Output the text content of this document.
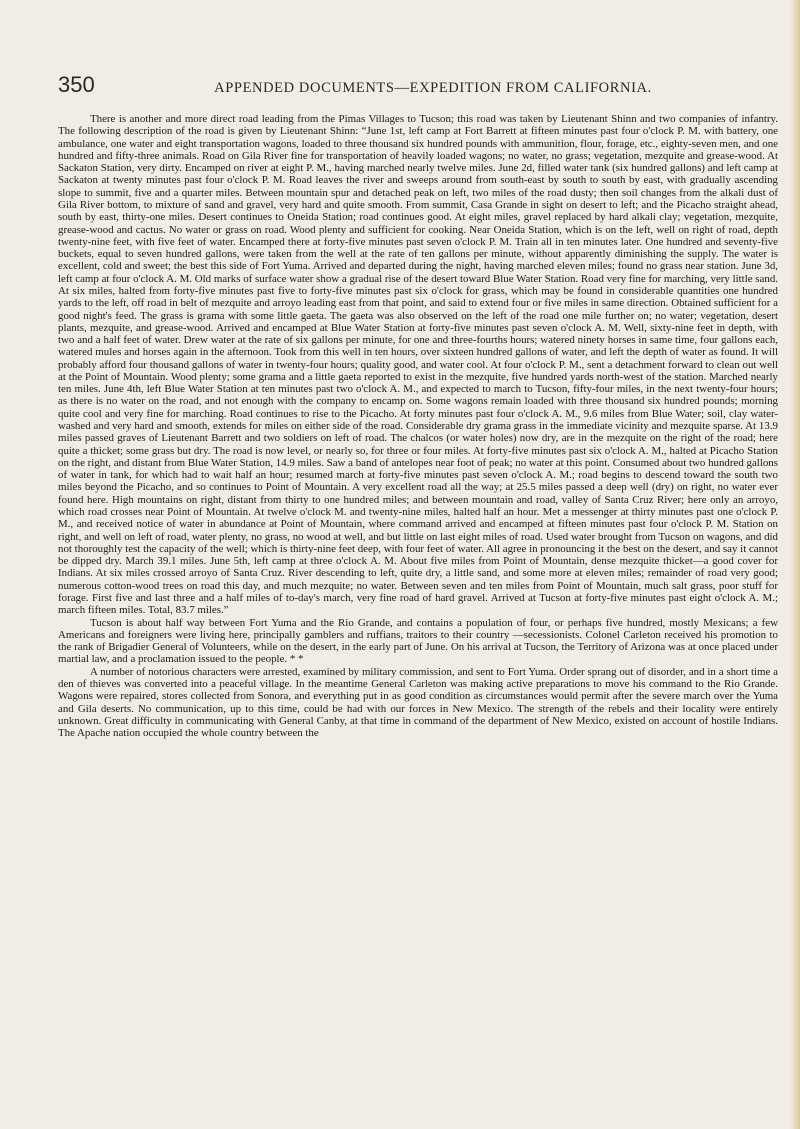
350	APPENDED DOCUMENTS—EXPEDITION FROM CALIFORNIA.

There is another and more direct road leading from the Pimas Villages to Tucson; this road was taken by Lieutenant Shinn and two companies of infantry. The following description of the road is given by Lieutenant Shinn: “June 1st, left camp at Fort Barrett at fifteen minutes past four o'clock P. M. with battery, one ambulance, one water and eight transportation wagons, loaded to three thousand six hundred pounds with ammunition, flour, forage, etc., eighty-seven men, and one hundred and fifty-three animals. Road on Gila River fine for transportation of heavily loaded wagons; no water, no grass; vegetation, mezquite and grease-wood. At Sackaton Station, very dirty. Encamped on river at eight P. M., having marched nearly twelve miles. June 2d, filled water tank (six hundred gallons) and left camp at Sackaton at twenty minutes past four o'clock P. M. Road leaves the river and sweeps around from south-east by south to south by east, with gradually ascending slope to summit, five and a quarter miles. Between mountain spur and detached peak on left, two miles of the road dusty; then soil changes from the alkali dust of Gila River bottom, to mixture of sand and gravel, very hard and quite smooth. From summit, Casa Grande in sight on desert to left; and the Picacho straight ahead, south by east, thirty-one miles. Desert continues to Oneida Station; road continues good. At eight miles, gravel replaced by hard alkali clay; vegetation, mezquite, grease-wood and cactus. No water or grass on road. Wood plenty and sufficient for cooking. Near Oneida Station, which is on the left, well on right of road, depth twenty-nine feet, with five feet of water. Encamped there at forty-five minutes past seven o'clock P. M. Train all in ten minutes later. One hundred and seventy-five buckets, equal to seven hundred gallons, were taken from the well at the rate of ten gallons per minute, without apparently diminishing the supply. The water is excellent, cold and sweet; the best this side of Fort Yuma. Arrived and departed during the night, having marched eleven miles; found no grass near station. June 3d, left camp at four o'clock A. M. Old marks of surface water show a gradual rise of the desert toward Blue Water Station. Road very fine for marching, very little sand. At six miles, halted from forty-five minutes past five to forty-five minutes past six o'clock for grass, which may be found in considerable quantities one hundred yards to the left, off road in belt of mezquite and arroyo leading east from that point, and said to extend four or five miles in same direction. Obtained sufficient for a good night's feed. The grass is grama with some little gaeta. The gaeta was also observed on the left of the road one mile further on; no water; vegetation, desert plants, mezquite, and grease-wood. Arrived and encamped at Blue Water Station at forty-five minutes past seven o'clock A. M. Well, sixty-nine feet in depth, with two and a half feet of water. Drew water at the rate of six gallons per minute, for one and three-fourths hours; watered ninety horses in same time, four gallons each, watered mules and horses again in the afternoon. Took from this well in ten hours, over sixteen hundred gallons of water, and left the depth of water as found. It will probably afford four thousand gallons of water in twenty-four hours; quality good, and water cool. At four o'clock P. M., sent a detachment forward to clean out well at the Point of Mountain. Wood plenty; some grama and a little gaeta reported to exist in the mezquite, five hundred yards north-west of the station. Marched nearly ten miles. June 4th, left Blue Water Station at ten minutes past two o'clock A. M., and expected to march to Tucson, fifty-four miles, in the next twenty-four hours; as there is no water on the road, and not enough with the company to encamp on. Some wagons remain loaded with three thousand six hundred pounds; morning quite cool and very fine for marching. Road continues to rise to the Picacho. At forty minutes past four o'clock A. M., 9.6 miles from Blue Water; soil, clay water-washed and very hard and smooth, extends for miles on either side of the road. Considerable dry grama grass in the immediate vicinity and mezquite sparse. At 13.9 miles passed graves of Lieutenant Barrett and two soldiers on left of road. The chalcos (or water holes) now dry, are in the mezquite on the right of the road; here quite a thicket; some grass but dry. The road is now level, or nearly so, for three or four miles. At forty-five minutes past six o'clock A. M., halted at Picacho Station on the right, and distant from Blue Water Station, 14.9 miles. Saw a band of antelopes near foot of peak; no water at this point. Consumed about two hundred gallons of water in tank, for which had to wait half an hour; resumed march at forty-five minutes past seven o'clock A. M.; road begins to descend toward the south two miles beyond the Picacho, and so continues to Point of Mountain. A very excellent road all the way; at 25.5 miles passed a deep well (dry) on right, no water ever found here. High mountains on right, distant from thirty to one hundred miles; and between mountain and road, valley of Santa Cruz River; here only an arroyo, which road crosses near Point of Mountain. At twelve o'clock M. and twenty-nine miles, halted half an hour. Met a messenger at thirty minutes past one o'clock P. M., and received notice of water in abundance at Point of Mountain, where command arrived and encamped at fifteen minutes past four o'clock P. M. Station on right, and well on left of road, water plenty, no grass, no wood at well, and but little on last eight miles of road. Used water brought from Tucson on wagons, and did not thoroughly test the capacity of the well; which is thirty-nine feet deep, with four feet of water. All agree in pronouncing it the best on the desert, and say it cannot be dipped dry. March 39.1 miles. June 5th, left camp at three o'clock A. M. About five miles from Point of Mountain, dense mezquite thicket—a good cover for Indians. At six miles crossed arroyo of Santa Cruz. River descending to left, quite dry, a little sand, and some more at eleven miles; remainder of road very good; numerous cotton-wood trees on road this day, and much mezquite; no water. Between seven and ten miles from Point of Mountain, much salt grass, poor stuff for forage. First five and last three and a half miles of to-day's march, very fine road of hard gravel. Arrived at Tucson at forty-five minutes past eight o'clock A. M.; march fifteen miles. Total, 83.7 miles.”

Tucson is about half way between Fort Yuma and the Rio Grande, and contains a population of four, or perhaps five hundred, mostly Mexicans; a few Americans and foreigners were living here, principally gamblers and ruffians, traitors to their country —secessionists. Colonel Carleton received his promotion to the rank of Brigadier General of Volunteers, while on the desert, in the early part of June. On his arrival at Tucson, the Territory of Arizona was at once placed under martial law, and a proclamation issued to the people. * *

A number of notorious characters were arrested, examined by military commission, and sent to Fort Yuma. Order sprang out of disorder, and in a short time a den of thieves was converted into a peaceful village. In the meantime General Carleton was making active preparations to move his command to the Rio Grande. Wagons were repaired, stores collected from Sonora, and everything put in as good condition as circumstances would permit after the severe march over the Yuma and Gila deserts. No communication, up to this time, could be had with our forces in New Mexico. The strength of the rebels and their locality were entirely unknown. Great difficulty in communicating with General Canby, at that time in command of the department of New Mexico, existed on account of hostile Indians. The Apache nation occupied the whole country between the
